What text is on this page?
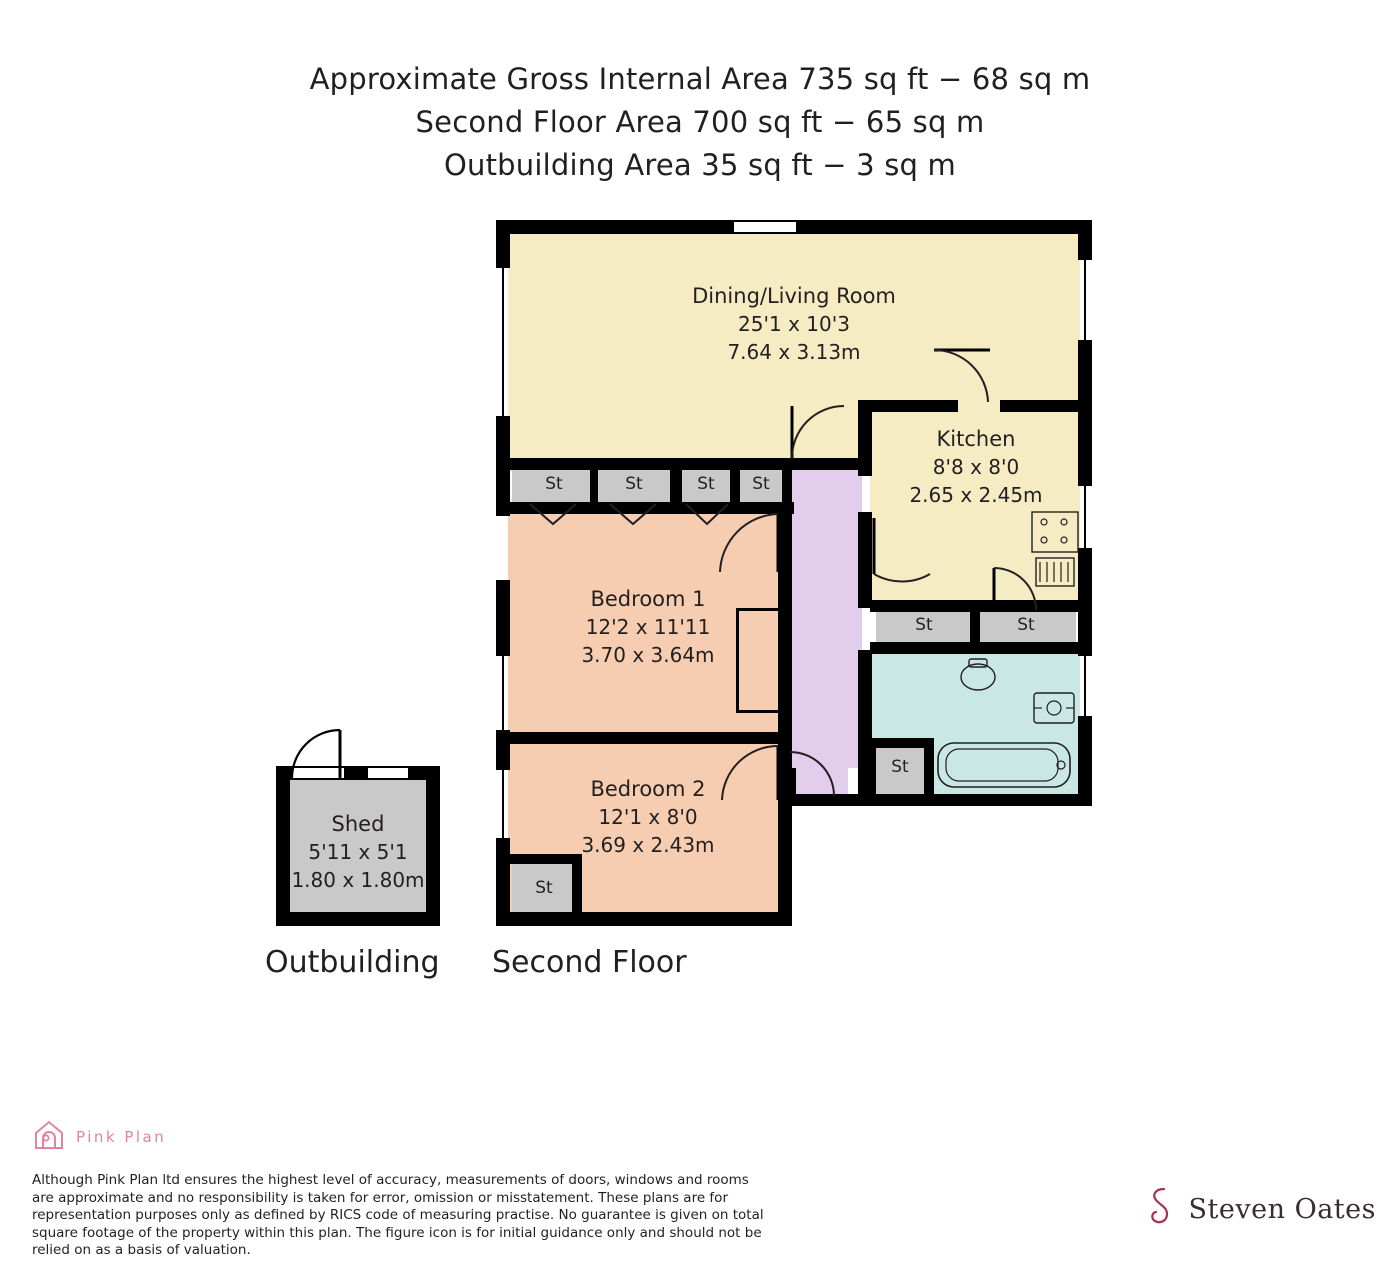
Approximate Gross Internal Area 735 sq ft − 68 sq m
Second Floor Area 700 sq ft − 65 sq m
Outbuilding Area 35 sq ft − 3 sq m
Shed
5'11 x 5'1
1.80 x 1.80m
Outbuilding
Dining/Living Room
25'1 x 10'3
7.64 x 3.13m
Kitchen
8'8 x 8'0
2.65 x 2.45m
Bedroom 1
12'2 x 11'11
3.70 x 3.64m
Bedroom 2
12'1 x 8'0
3.69 x 2.43m
St	St	St	St
St	St
St
St
Second Floor
Pink Plan
Although Pink Plan ltd ensures the highest level of accuracy, measurements of doors, windows and rooms are approximate and no responsibility is taken for error, omission or misstatement. These plans are for representation purposes only as defined by RICS code of measuring practise. No guarantee is given on total square footage of the property within this plan. The figure icon is for initial guidance only and should not be relied on as a basis of valuation.
Steven Oates
